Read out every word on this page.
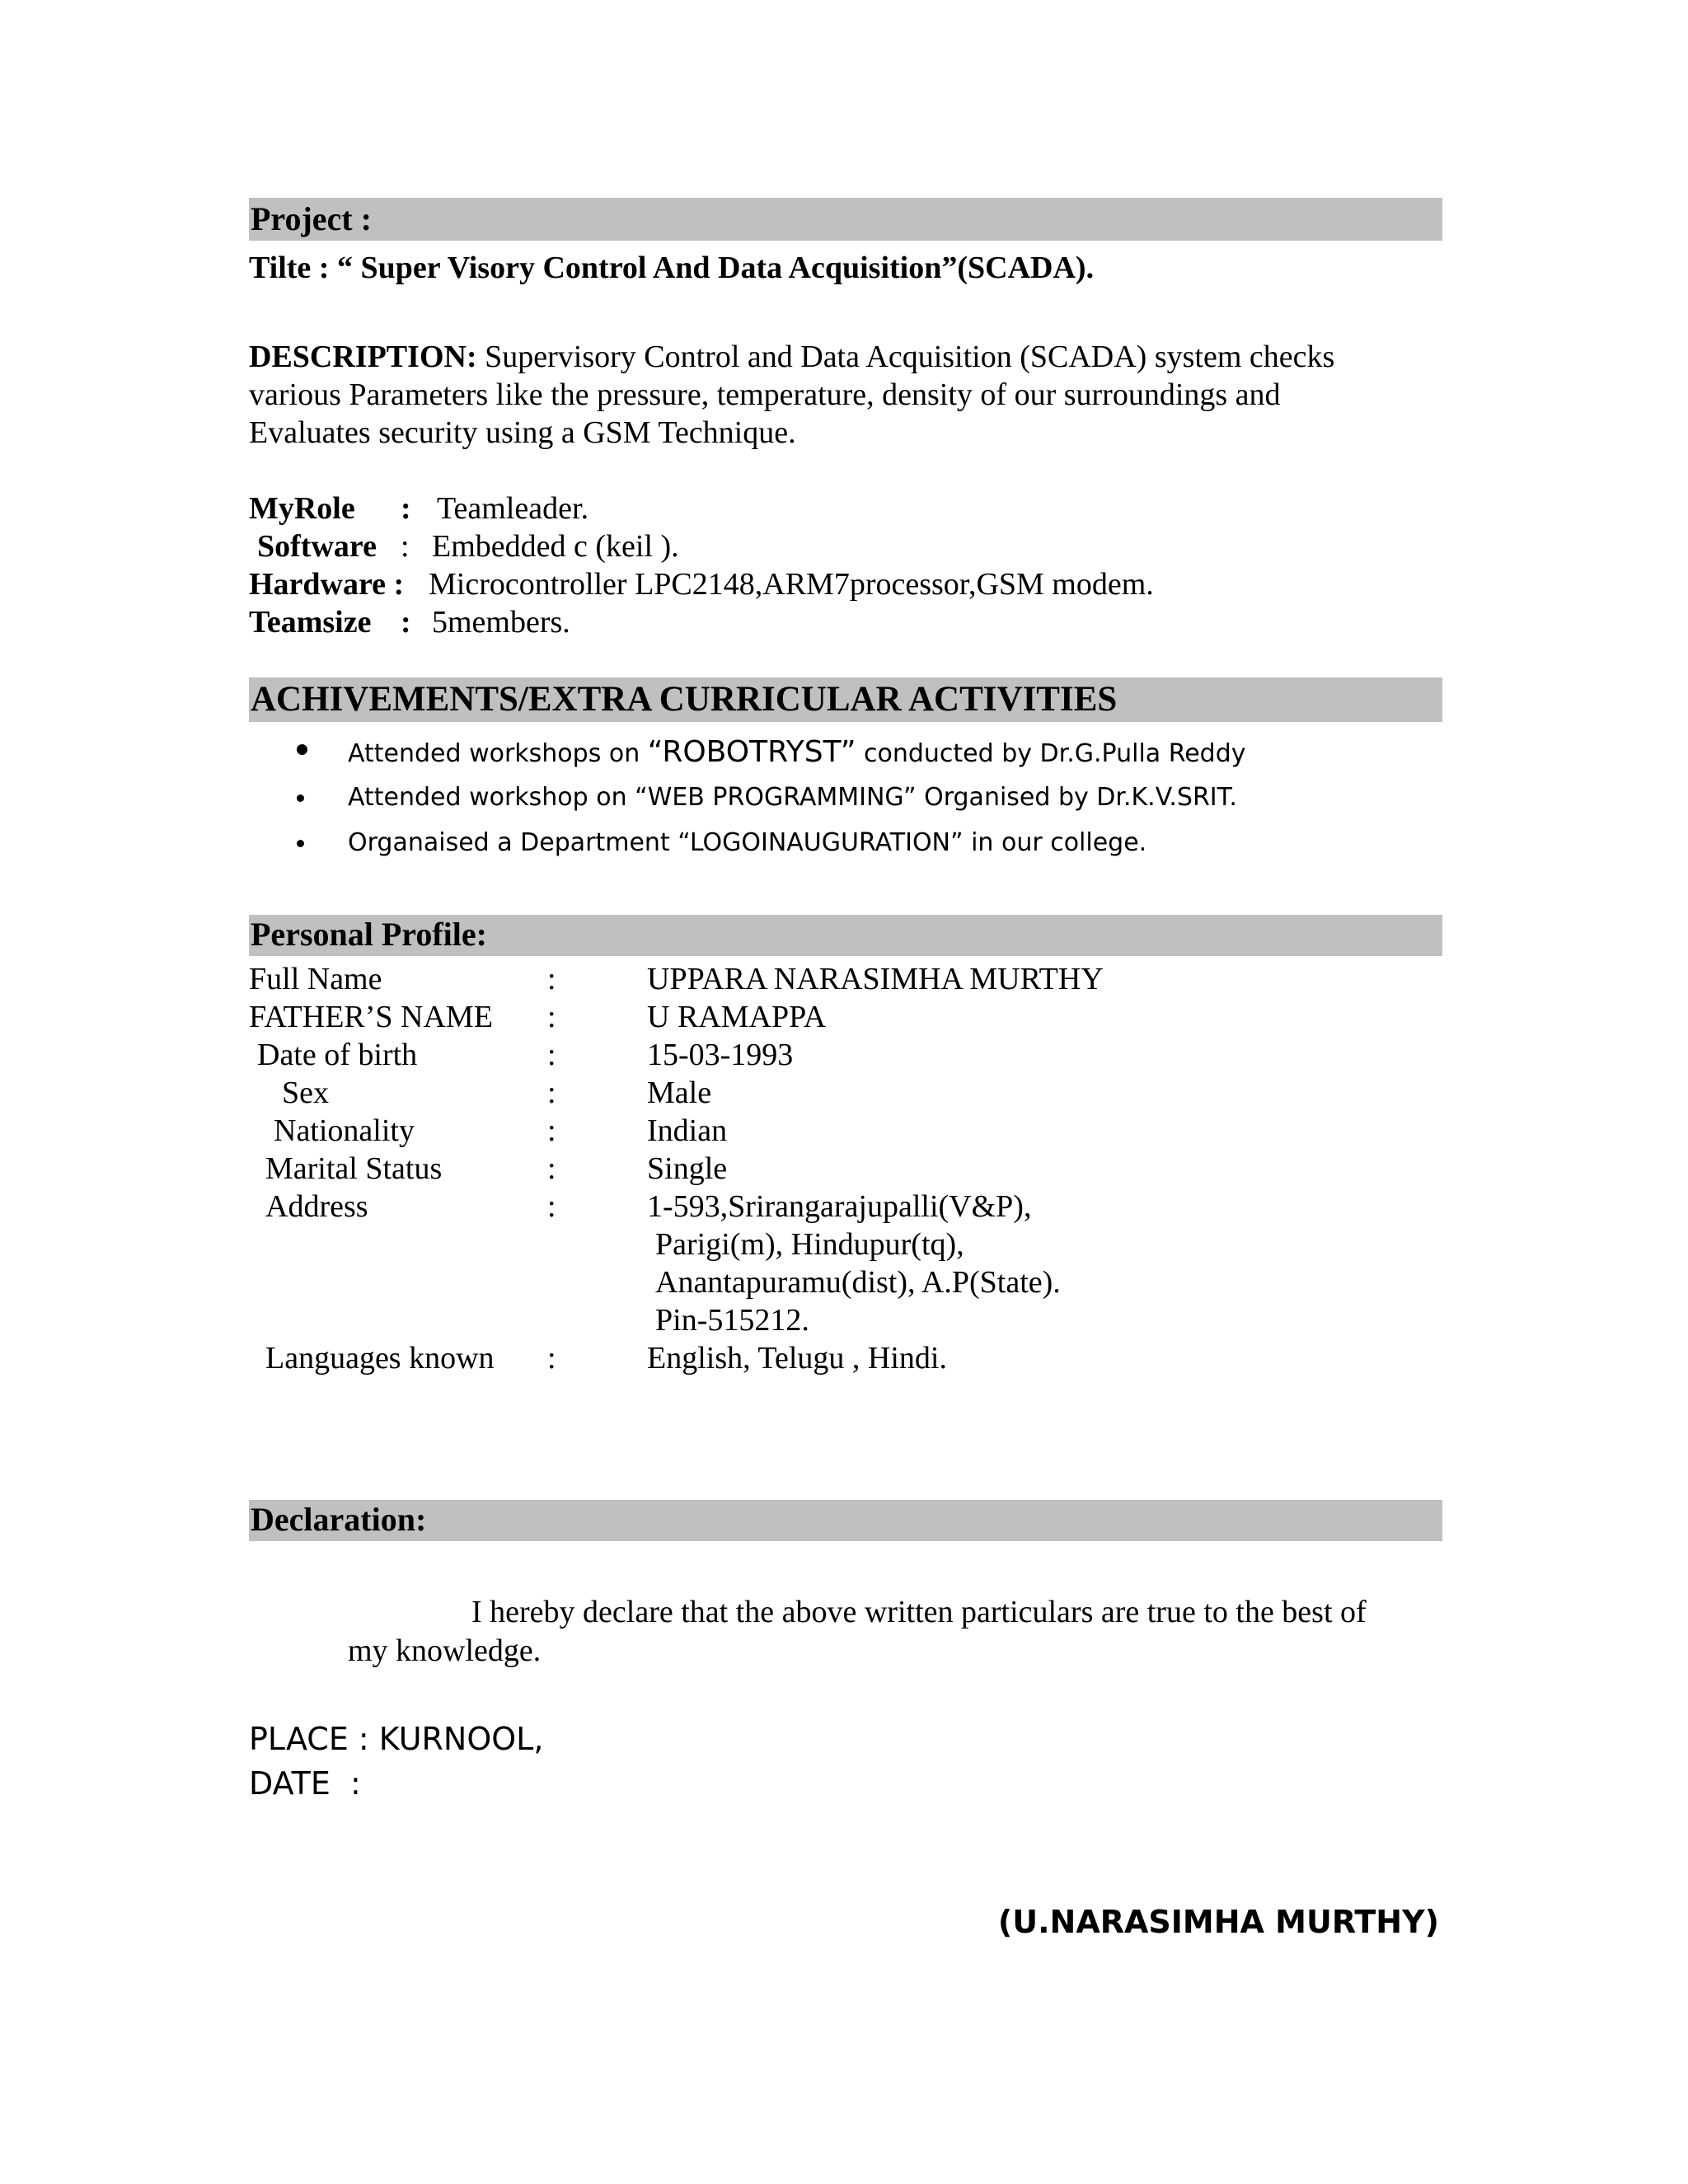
Project :
Tilte : “ Super Visory Control And Data Acquisition”(SCADA).
DESCRIPTION: Supervisory Control and Data Acquisition (SCADA) system checks
various Parameters like the pressure, temperature, density of our surroundings and
Evaluates security using a GSM Technique.
MyRole : Teamleader.
Software : Embedded c (keil ).
Hardware : Microcontroller LPC2148,ARM7processor,GSM modem.
Teamsize : 5members.
ACHIVEMENTS/EXTRA CURRICULAR ACTIVITIES
Attended workshops on “ROBOTRYST” conducted by Dr.G.Pulla Reddy
Attended workshop on “WEB PROGRAMMING” Organised by Dr.K.V.SRIT.
Organaised a Department “LOGOINAUGURATION” in our college.
Personal Profile:
Full Name	:	UPPARA NARASIMHA MURTHY
FATHER’S NAME :	U RAMAPPA
Date of birth	:	15-03-1993
Sex	:	Male
Nationality	:	Indian
Marital Status	:	Single
Address	:	1-593,Srirangarajupalli(V&P),
Parigi(m), Hindupur(tq),
Anantapuramu(dist), A.P(State).
Pin-515212.
Languages known :	English, Telugu , Hindi.
Declaration:
I hereby declare that the above written particulars are true to the best of
my knowledge.
PLACE : KURNOOL,
DATE  :
(U.NARASIMHA MURTHY)
